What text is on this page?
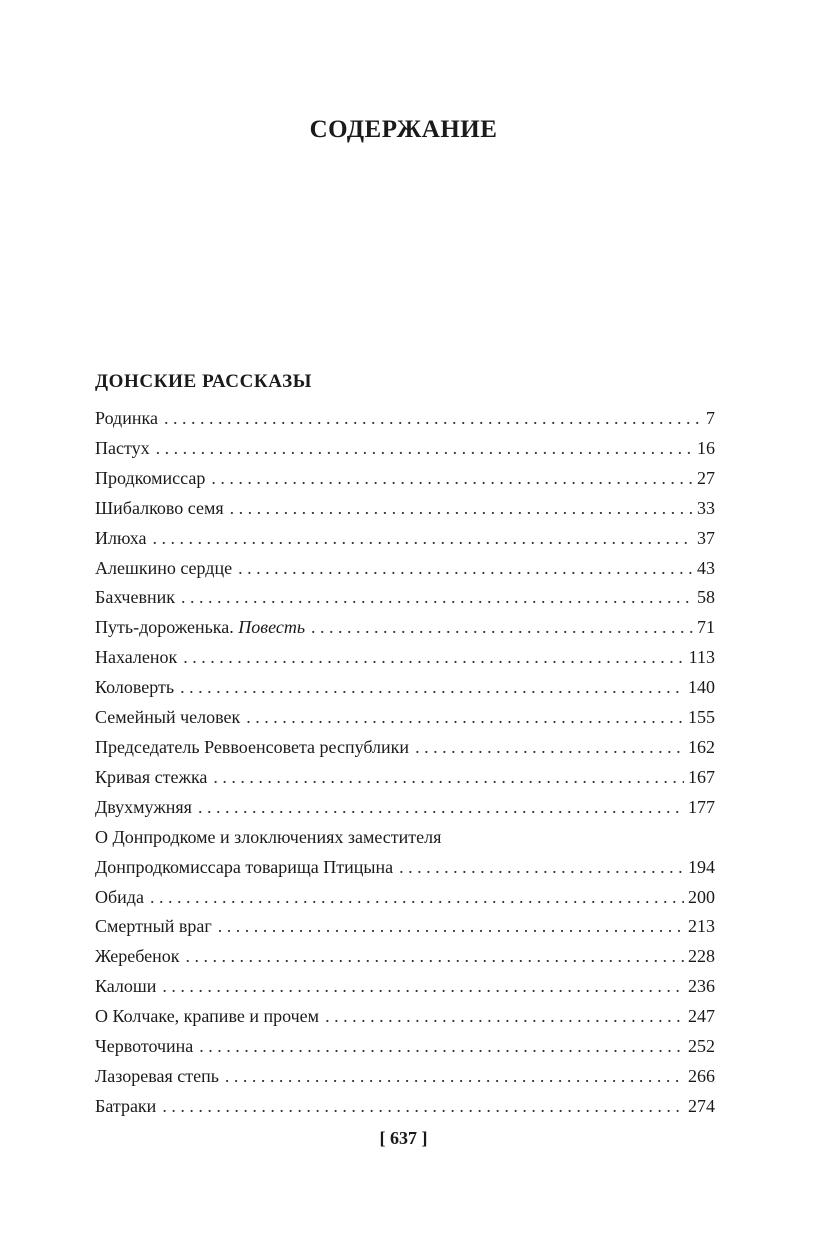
СОДЕРЖАНИЕ
ДОНСКИЕ РАССКАЗЫ
Родинка . . .	7
Пастух . . .	16
Продкомиссар . . .	27
Шибалково семя . . .	33
Илюха . . .	37
Алешкино сердце . . .	43
Бахчевник . . .	58
Путь-дороженька. Повесть . . .	71
Нахаленок . . .	113
Коловерть . . .	140
Семейный человек . . .	155
Председатель Реввоенсовета республики . . .	162
Кривая стежка . . .	167
Двухмужняя . . .	177
О Донпродкоме и злоключениях заместителя
Донпродкомиссара товарища Птицына . . .	194
Обида . . .	200
Смертный враг . . .	213
Жеребенок . . .	228
Калоши . . .	236
О Колчаке, крапиве и прочем . . .	247
Червоточина . . .	252
Лазоревая степь . . .	266
Батраки . . .	274
[ 637 ]
